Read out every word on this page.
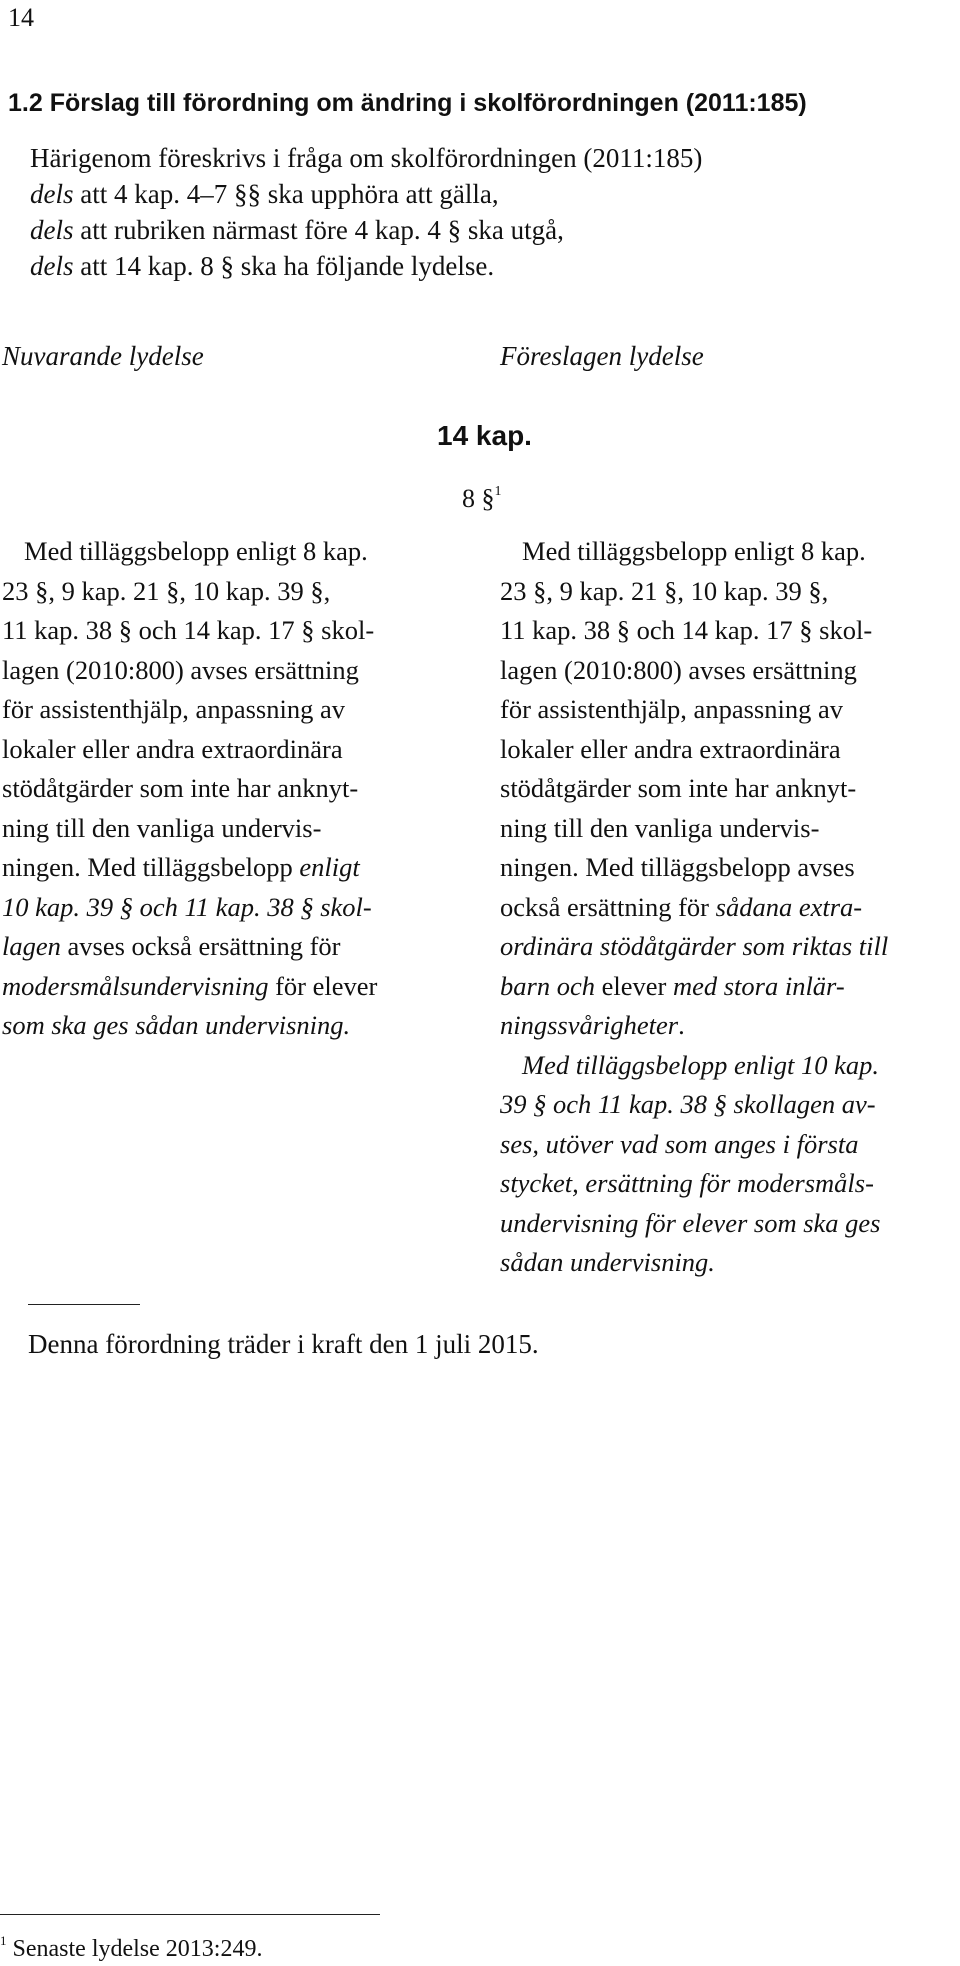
14
1.2 Förslag till förordning om ändring i skolförordningen (2011:185)
Härigenom föreskrivs i fråga om skolförordningen (2011:185)
dels att 4 kap. 4–7 §§ ska upphöra att gälla,
dels att rubriken närmast före 4 kap. 4 § ska utgå,
dels att 14 kap. 8 § ska ha följande lydelse.
Nuvarande lydelse	Föreslagen lydelse
14 kap.
8 §$^1$
Med tilläggsbelopp enligt 8 kap.
23 §, 9 kap. 21 §, 10 kap. 39 §,
11 kap. 38 § och 14 kap. 17 § skol-
lagen (2010:800) avses ersättning
för assistenthjälp, anpassning av
lokaler eller andra extraordinära
stödåtgärder som inte har anknyt-
ning till den vanliga undervis-
ningen. Med tilläggsbelopp enligt
10 kap. 39 § och 11 kap. 38 § skol-
lagen avses också ersättning för
modersmålsundervisning för elever
som ska ges sådan undervisning.
Med tilläggsbelopp enligt 8 kap.
23 §, 9 kap. 21 §, 10 kap. 39 §,
11 kap. 38 § och 14 kap. 17 § skol-
lagen (2010:800) avses ersättning
för assistenthjälp, anpassning av
lokaler eller andra extraordinära
stödåtgärder som inte har anknyt-
ning till den vanliga undervis-
ningen. Med tilläggsbelopp avses
också ersättning för sådana extra-
ordinära stödåtgärder som riktas till
barn och elever med stora inlär-
ningssvårigheter.
Med tilläggsbelopp enligt 10 kap.
39 § och 11 kap. 38 § skollagen av-
ses, utöver vad som anges i första
stycket, ersättning för modersmåls-
undervisning för elever som ska ges
sådan undervisning.
Denna förordning träder i kraft den 1 juli 2015.
$^1$ Senaste lydelse 2013:249.
